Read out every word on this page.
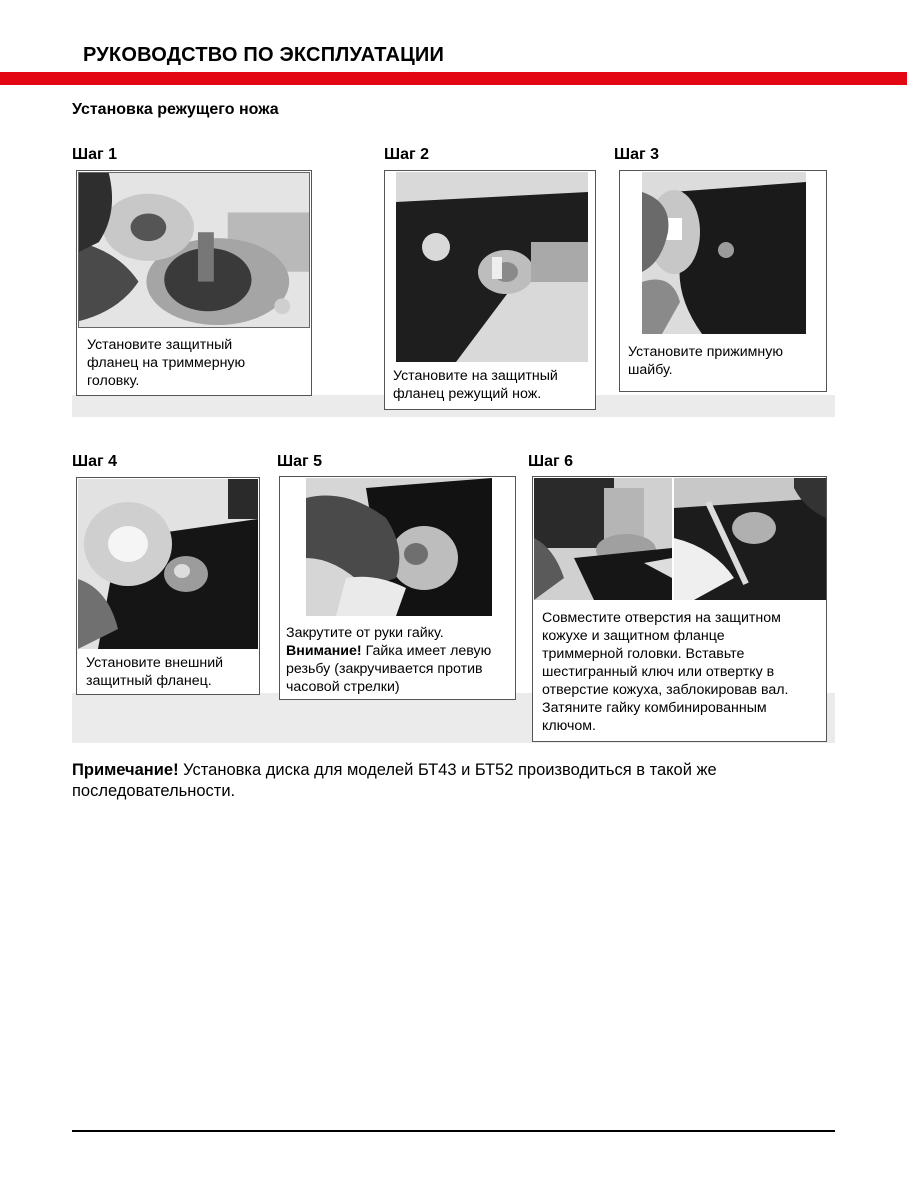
РУКОВОДСТВО ПО ЭКСПЛУАТАЦИИ
Установка режущего ножа
Шаг 1	Шаг 2	Шаг 3
Шаг 4	Шаг 5	Шаг 6
Установите защитный
фланец на триммерную
головку.	Установите на защитный
фланец режущий нож.
Установите прижимную
шайбу.
Установите внешний
защитный фланец.
Закрутите от руки гайку.
Внимание! Гайка имеет левую
резьбу (закручивается против
часовой стрелки)
Совместите отверстия на защитном
кожухе и защитном фланце
триммерной головки. Вставьте
шестигранный ключ или отвертку в
отверстие кожуха, заблокировав вал.
Затяните гайку комбинированным
ключом.
Примечание! Установка диска для моделей БТ43 и БТ52 производиться в такой же последовательности.
